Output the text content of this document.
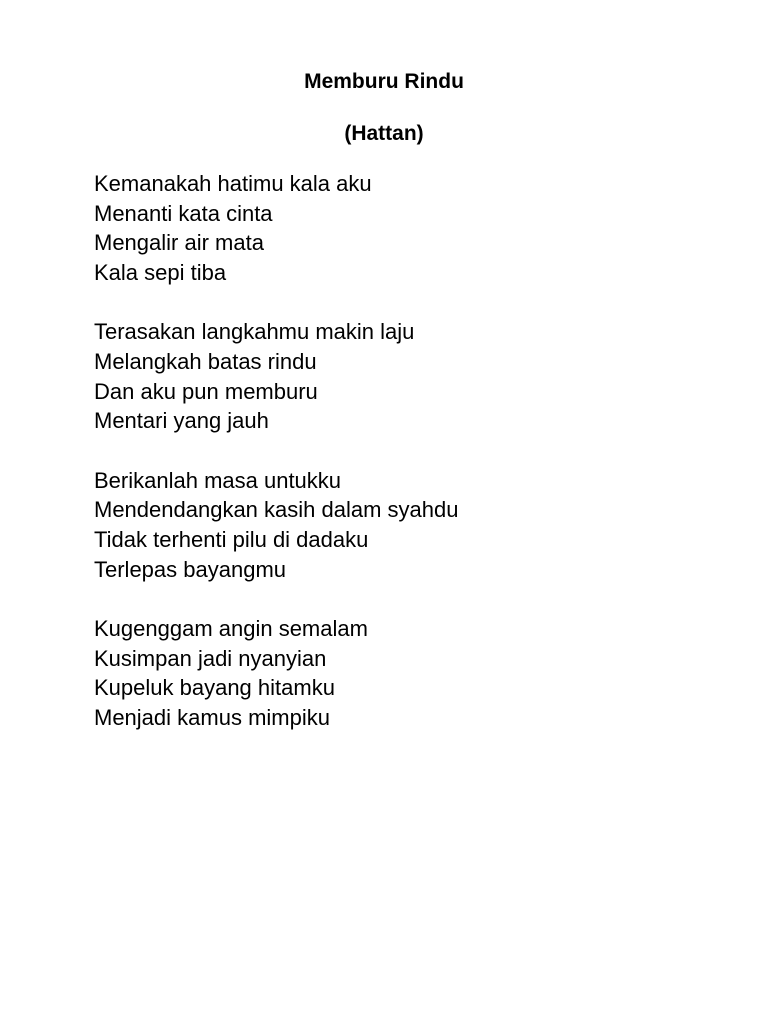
Memburu Rindu
(Hattan)
Kemanakah hatimu kala aku
Menanti kata cinta
Mengalir air mata
Kala sepi tiba
Terasakan langkahmu makin laju
Melangkah batas rindu
Dan aku pun memburu
Mentari yang jauh
Berikanlah masa untukku
Mendendangkan kasih dalam syahdu
Tidak terhenti pilu di dadaku
Terlepas bayangmu
Kugenggam angin semalam
Kusimpan jadi nyanyian
Kupeluk bayang hitamku
Menjadi kamus mimpiku
